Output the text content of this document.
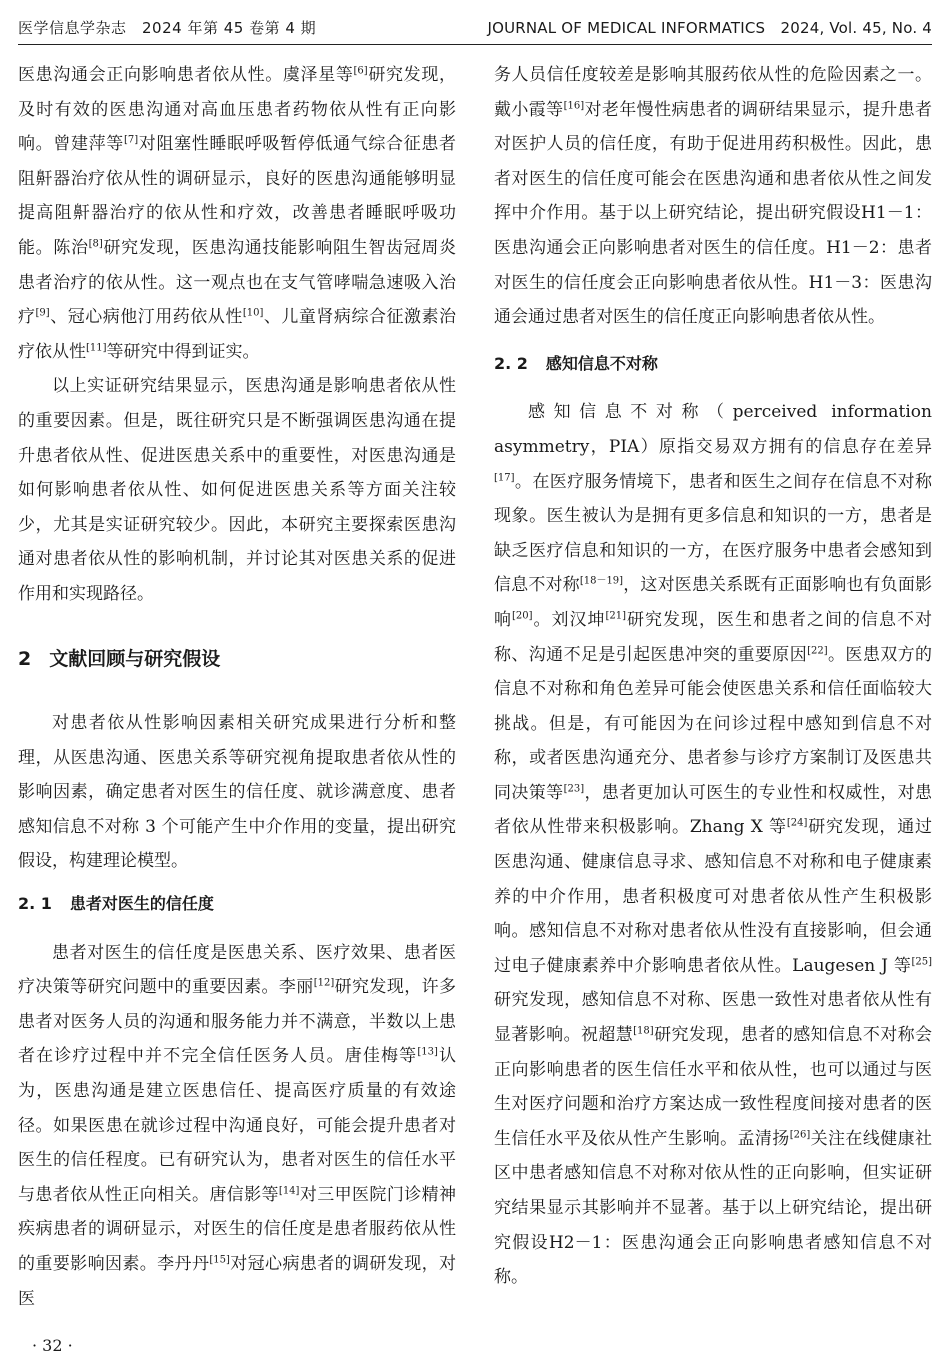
医学信息学杂志　2024 年第 45 卷第 4 期	JOURNAL OF MEDICAL INFORMATICS　2024, Vol. 45, No. 4

医患沟通会正向影响患者依从性。虞泽星等[6]研究发现，及时有效的医患沟通对高血压患者药物依从性有正向影响。曾建萍等[7]对阻塞性睡眠呼吸暂停低通气综合征患者阻鼾器治疗依从性的调研显示，良好的医患沟通能够明显提高阻鼾器治疗的依从性和疗效，改善患者睡眠呼吸功能。陈治[8]研究发现，医患沟通技能影响阻生智齿冠周炎患者治疗的依从性。这一观点也在支气管哮喘急速吸入治疗[9]、冠心病他汀用药依从性[10]、儿童肾病综合征激素治疗依从性[11]等研究中得到证实。

以上实证研究结果显示，医患沟通是影响患者依从性的重要因素。但是，既往研究只是不断强调医患沟通在提升患者依从性、促进医患关系中的重要性，对医患沟通是如何影响患者依从性、如何促进医患关系等方面关注较少，尤其是实证研究较少。因此，本研究主要探索医患沟通对患者依从性的影响机制，并讨论其对医患关系的促进作用和实现路径。

2 文献回顾与研究假设

对患者依从性影响因素相关研究成果进行分析和整理，从医患沟通、医患关系等研究视角提取患者依从性的影响因素，确定患者对医生的信任度、就诊满意度、患者感知信息不对称 3 个可能产生中介作用的变量，提出研究假设，构建理论模型。

2. 1 患者对医生的信任度

患者对医生的信任度是医患关系、医疗效果、患者医疗决策等研究问题中的重要因素。李丽[12]研究发现，许多患者对医务人员的沟通和服务能力并不满意，半数以上患者在诊疗过程中并不完全信任医务人员。唐佳梅等[13]认为，医患沟通是建立医患信任、提高医疗质量的有效途径。如果医患在就诊过程中沟通良好，可能会提升患者对医生的信任程度。已有研究认为，患者对医生的信任水平与患者依从性正向相关。唐信影等[14]对三甲医院门诊精神疾病患者的调研显示，对医生的信任度是患者服药依从性的重要影响因素。李丹丹[15]对冠心病患者的调研发现，对医

务人员信任度较差是影响其服药依从性的危险因素之一。戴小霞等[16]对老年慢性病患者的调研结果显示，提升患者对医护人员的信任度，有助于促进用药积极性。因此，患者对医生的信任度可能会在医患沟通和患者依从性之间发挥中介作用。基于以上研究结论，提出研究假设H1－1：医患沟通会正向影响患者对医生的信任度。H1－2：患者对医生的信任度会正向影响患者依从性。H1－3：医患沟通会通过患者对医生的信任度正向影响患者依从性。

2. 2 感知信息不对称

感知信息不对称（perceived information asymmetry，PIA）原指交易双方拥有的信息存在差异[17]。在医疗服务情境下，患者和医生之间存在信息不对称现象。医生被认为是拥有更多信息和知识的一方，患者是缺乏医疗信息和知识的一方，在医疗服务中患者会感知到信息不对称[18－19]，这对医患关系既有正面影响也有负面影响[20]。刘汉坤[21]研究发现，医生和患者之间的信息不对称、沟通不足是引起医患冲突的重要原因[22]。医患双方的信息不对称和角色差异可能会使医患关系和信任面临较大挑战。但是，有可能因为在问诊过程中感知到信息不对称，或者医患沟通充分、患者参与诊疗方案制订及医患共同决策等[23]，患者更加认可医生的专业性和权威性，对患者依从性带来积极影响。Zhang X 等[24]研究发现，通过医患沟通、健康信息寻求、感知信息不对称和电子健康素养的中介作用，患者积极度可对患者依从性产生积极影响。感知信息不对称对患者依从性没有直接影响，但会通过电子健康素养中介影响患者依从性。Laugesen J 等[25]研究发现，感知信息不对称、医患一致性对患者依从性有显著影响。祝超慧[18]研究发现，患者的感知信息不对称会正向影响患者的医生信任水平和依从性，也可以通过与医生对医疗问题和治疗方案达成一致性程度间接对患者的医生信任水平及依从性产生影响。孟清扬[26]关注在线健康社区中患者感知信息不对称对依从性的正向影响，但实证研究结果显示其影响并不显著。基于以上研究结论，提出研究假设H2－1：医患沟通会正向影响患者感知信息不对称。

· 32 ·
